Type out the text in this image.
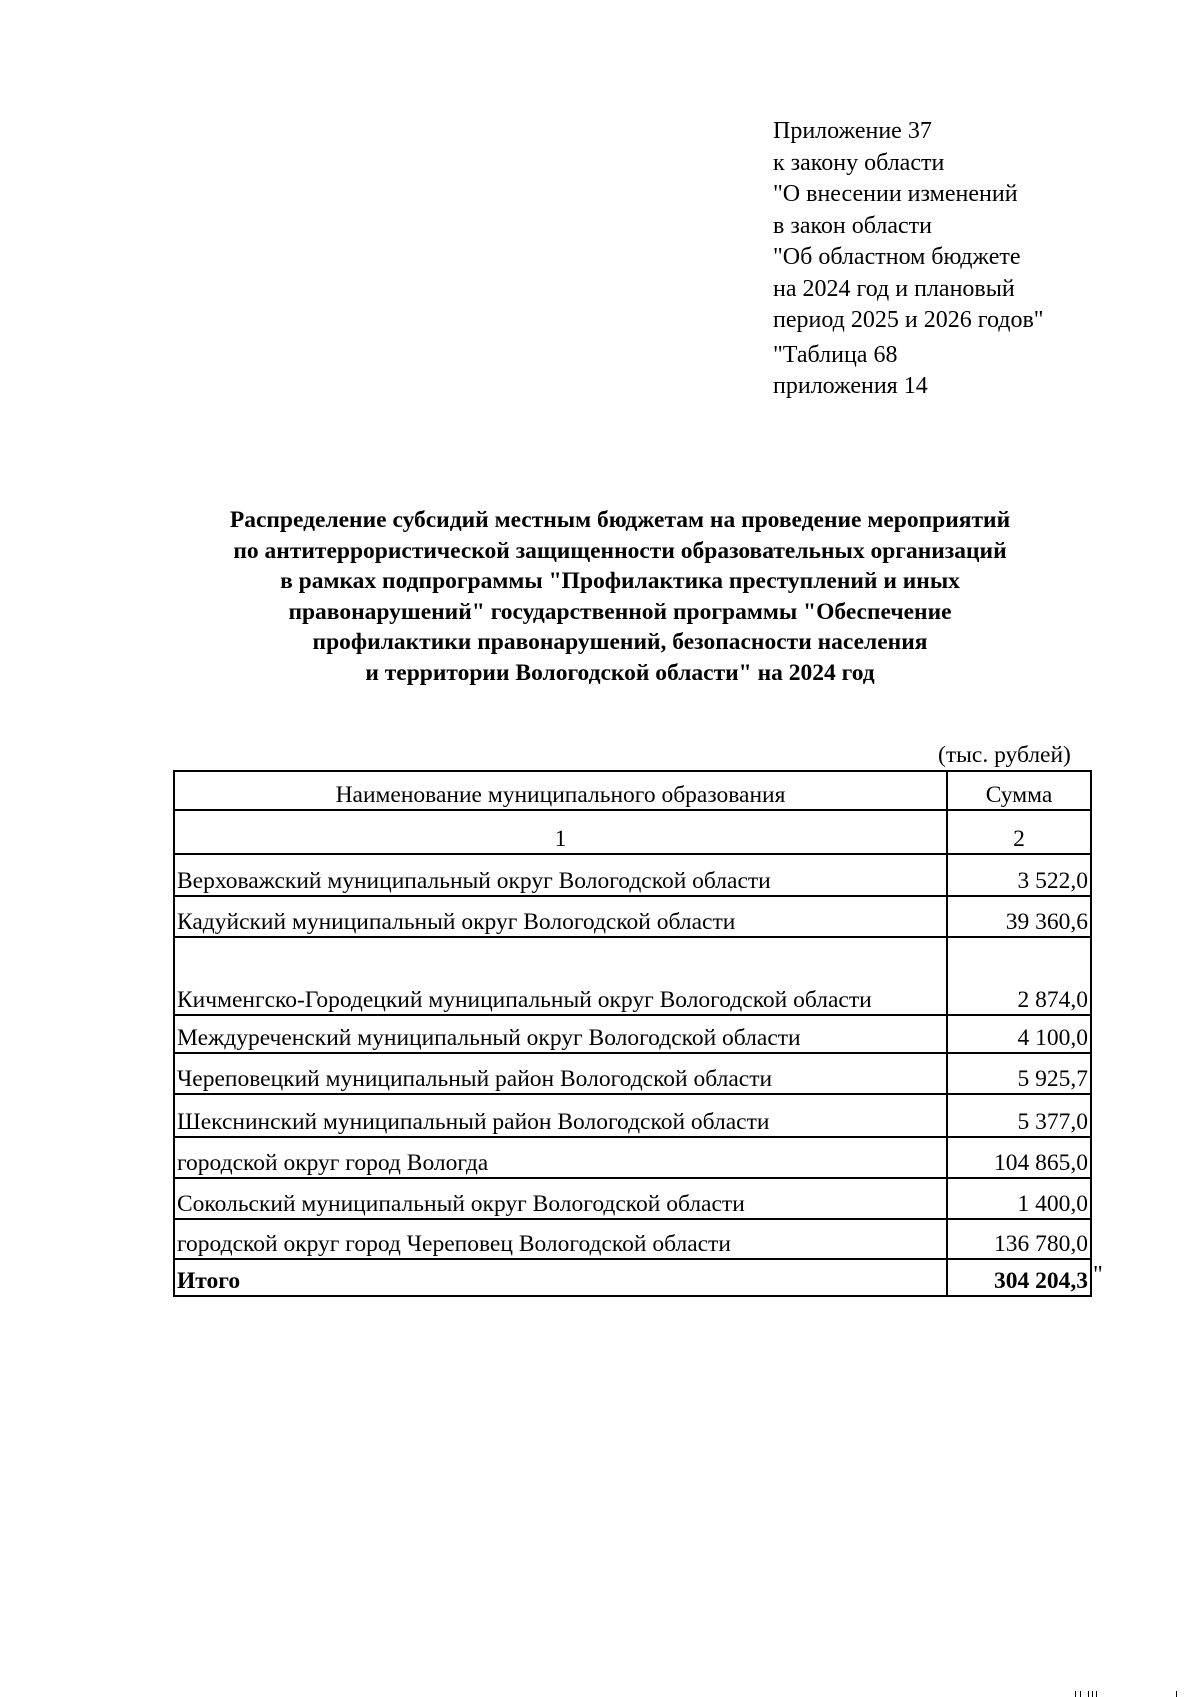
Приложение 37
к закону области
"О внесении изменений
в закон области
"Об областном бюджете
на 2024 год и плановый
период 2025 и 2026 годов"
"Таблица 68
приложения 14
Распределение субсидий местным бюджетам на проведение мероприятий
по антитеррористической защищенности образовательных организаций
в рамках подпрограммы "Профилактика преступлений и иных
правонарушений" государственной программы "Обеспечение
профилактики правонарушений, безопасности населения
и территории Вологодской области" на 2024 год
(тыс. рублей)
Наименование муниципального образования	Сумма
1	2
Верховажский муниципальный округ Вологодской области	3 522,0
Кадуйский муниципальный округ Вологодской области	39 360,6
Кичменгско-Городецкий муниципальный округ Вологодской области	2 874,0
Междуреченский муниципальный округ Вологодской области	4 100,0
Череповецкий муниципальный район Вологодской области	5 925,7
Шекснинский муниципальный район Вологодской области	5 377,0
городской округ город Вологда	104 865,0
Сокольский муниципальный округ Вологодской области	1 400,0
городской округ город Череповец Вологодской области	136 780,0
Итого	304 204,3 "
